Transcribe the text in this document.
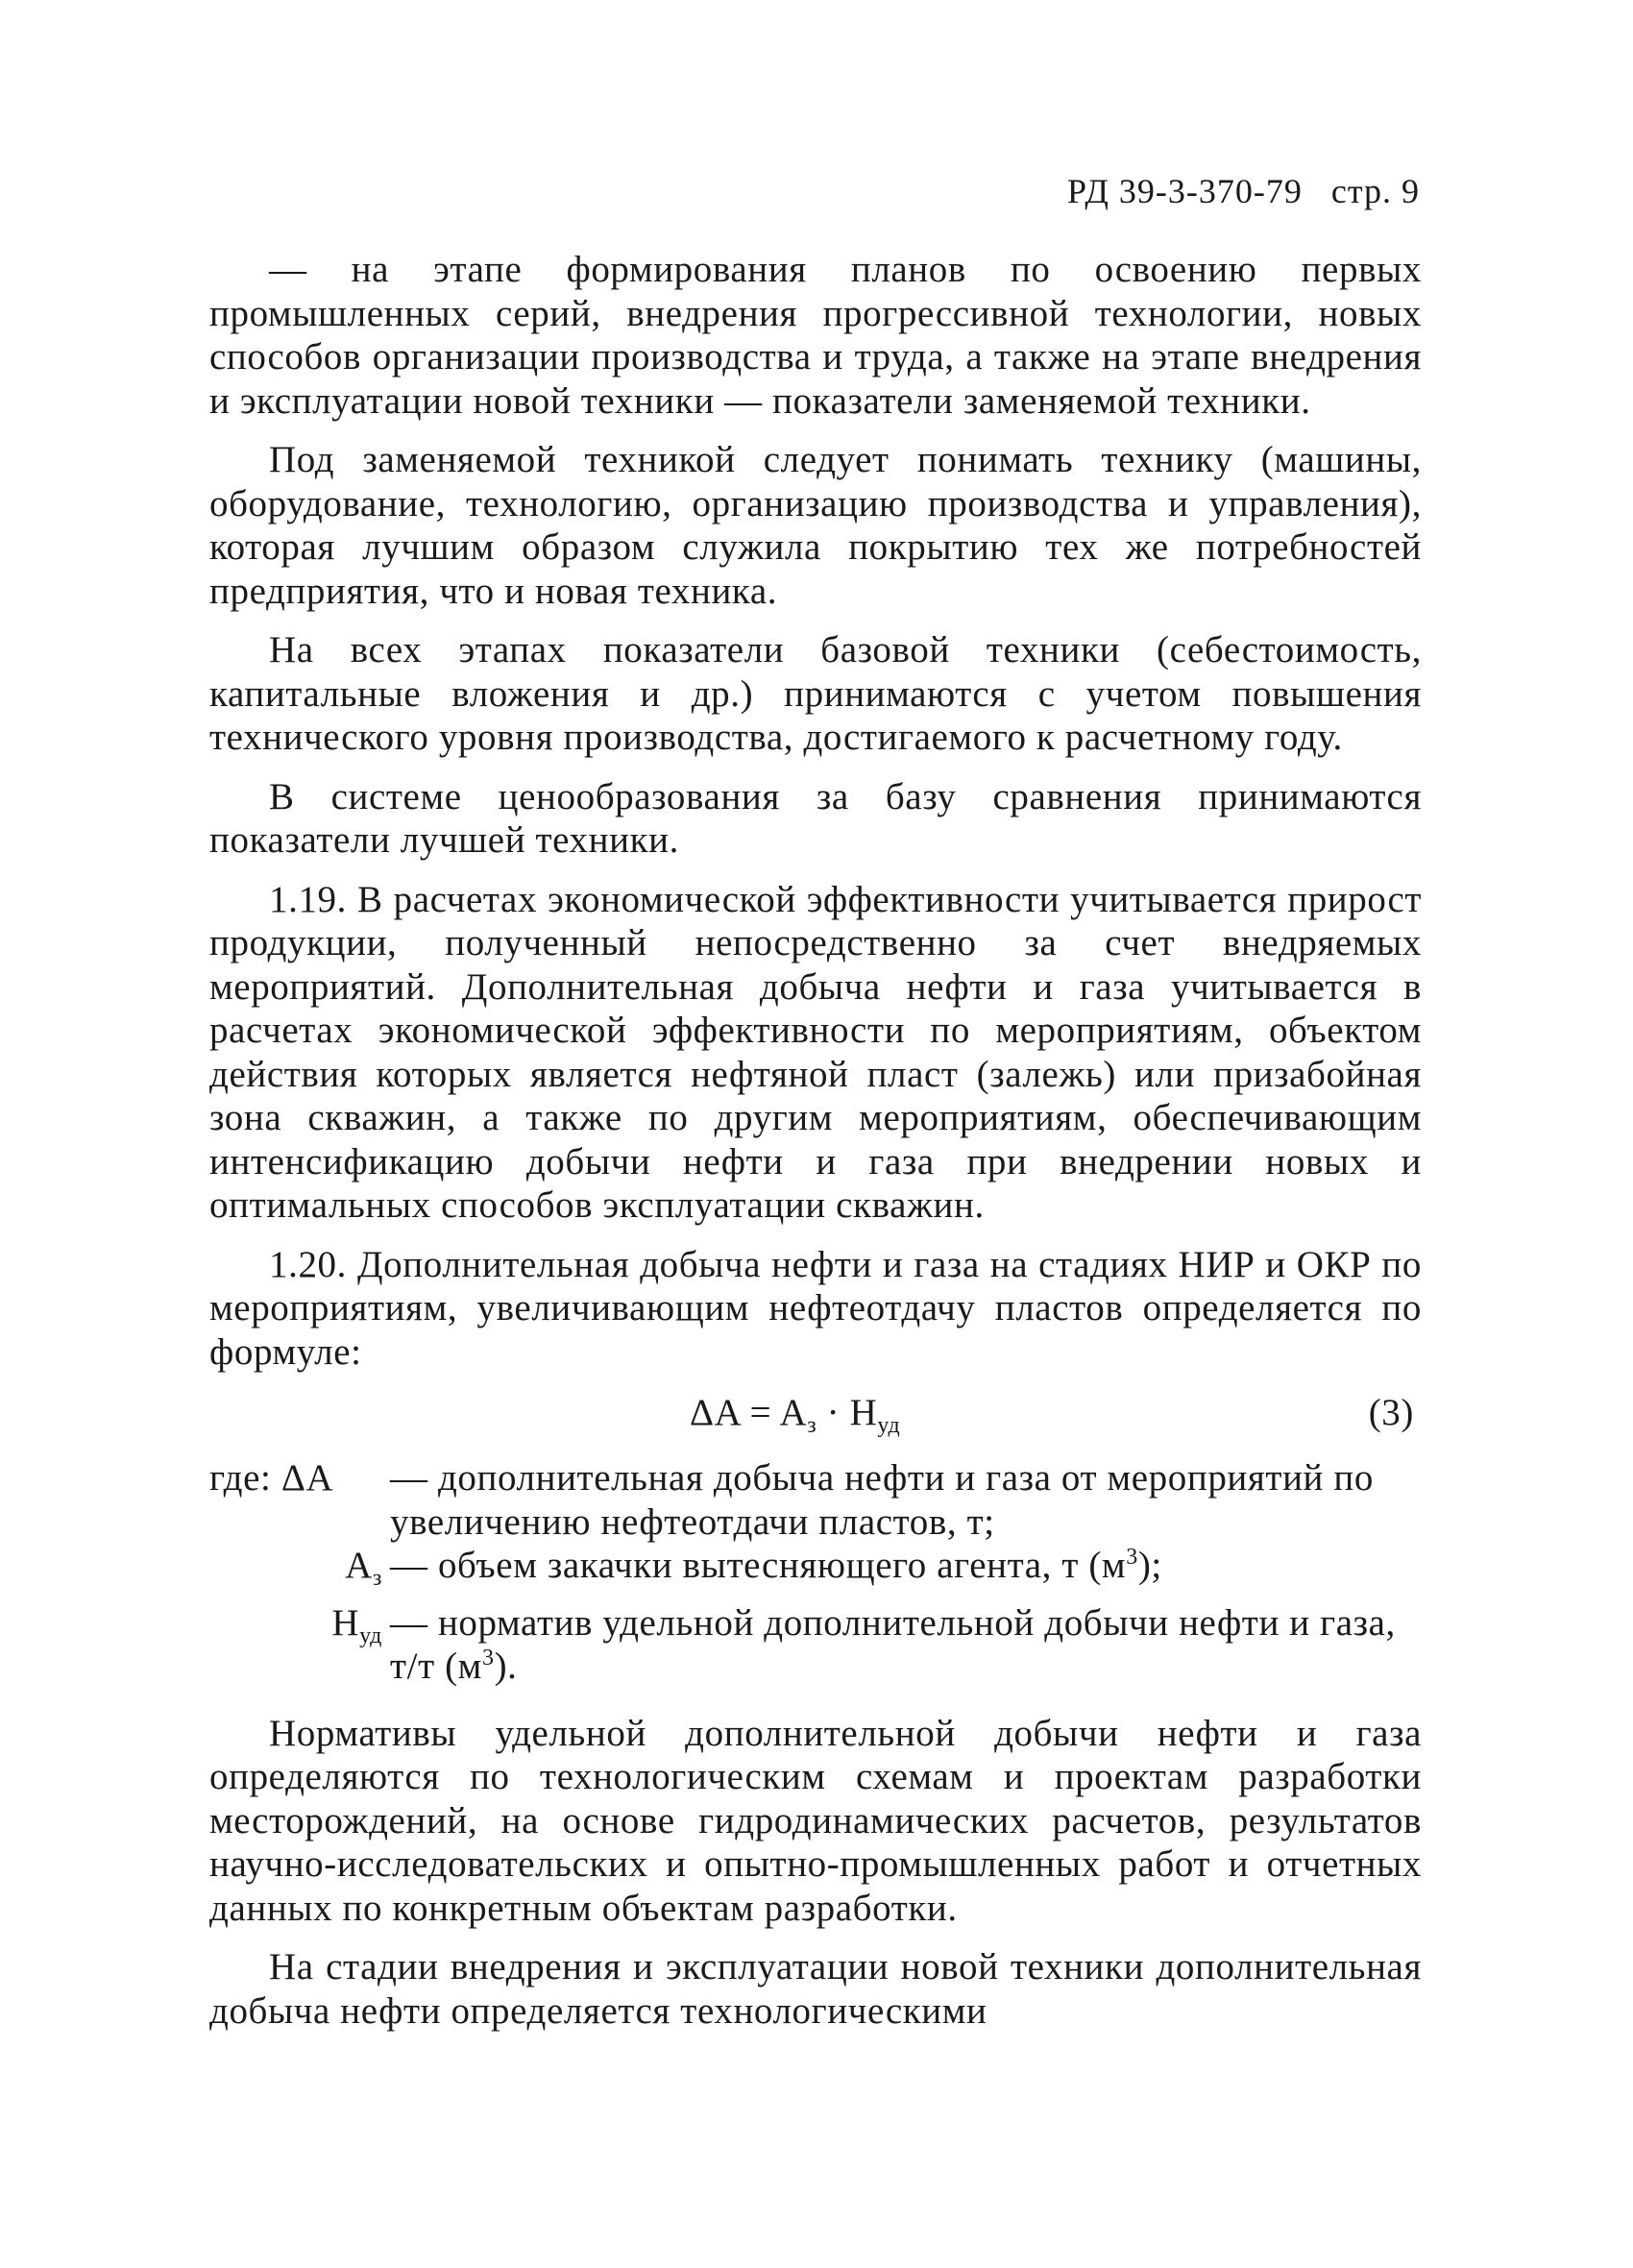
РД 39-3-370-79 стр. 9

— на этапе формирования планов по освоению первых промышленных серий, внедрения прогрессивной технологии, новых способов организации производства и труда, а также на этапе внедрения и эксплуатации новой техники — показатели заменяемой техники.

Под заменяемой техникой следует понимать технику (машины, оборудование, технологию, организацию производства и управления), которая лучшим образом служила покрытию тех же потребностей предприятия, что и новая техника.

На всех этапах показатели базовой техники (себестоимость, капитальные вложения и др.) принимаются с учетом повышения технического уровня производства, достигаемого к расчетному году.

В системе ценообразования за базу сравнения принимаются показатели лучшей техники.

1.19. В расчетах экономической эффективности учитывается прирост продукции, полученный непосредственно за счет внедряемых мероприятий. Дополнительная добыча нефти и газа учитывается в расчетах экономической эффективности по мероприятиям, объектом действия которых является нефтяной пласт (залежь) или призабойная зона скважин, а также по другим мероприятиям, обеспечивающим интенсификацию добычи нефти и газа при внедрении новых и оптимальных способов эксплуатации скважин.

1.20. Дополнительная добыча нефти и газа на стадиях НИР и ОКР по мероприятиям, увеличивающим нефтеотдачу пластов определяется по формуле:

$\Delta A = A_з \cdot H_{уд}$	(3)
где: ΔA	— дополнительная добыча нефти и газа от мероприятий по увеличению нефтеотдачи пластов, т;
$A_з$ — объем закачки вытесняющего агента, т $(м^3)$;
$H_{уд}$ — норматив удельной дополнительной добычи нефти и газа, т/т $(м^3)$.

Нормативы удельной дополнительной добычи нефти и газа определяются по технологическим схемам и проектам разработки месторождений, на основе гидродинамических расчетов, результатов научно-исследовательских и опытно-промышленных работ и отчетных данных по конкретным объектам разработки.

На стадии внедрения и эксплуатации новой техники дополнительная добыча нефти определяется технологическими
